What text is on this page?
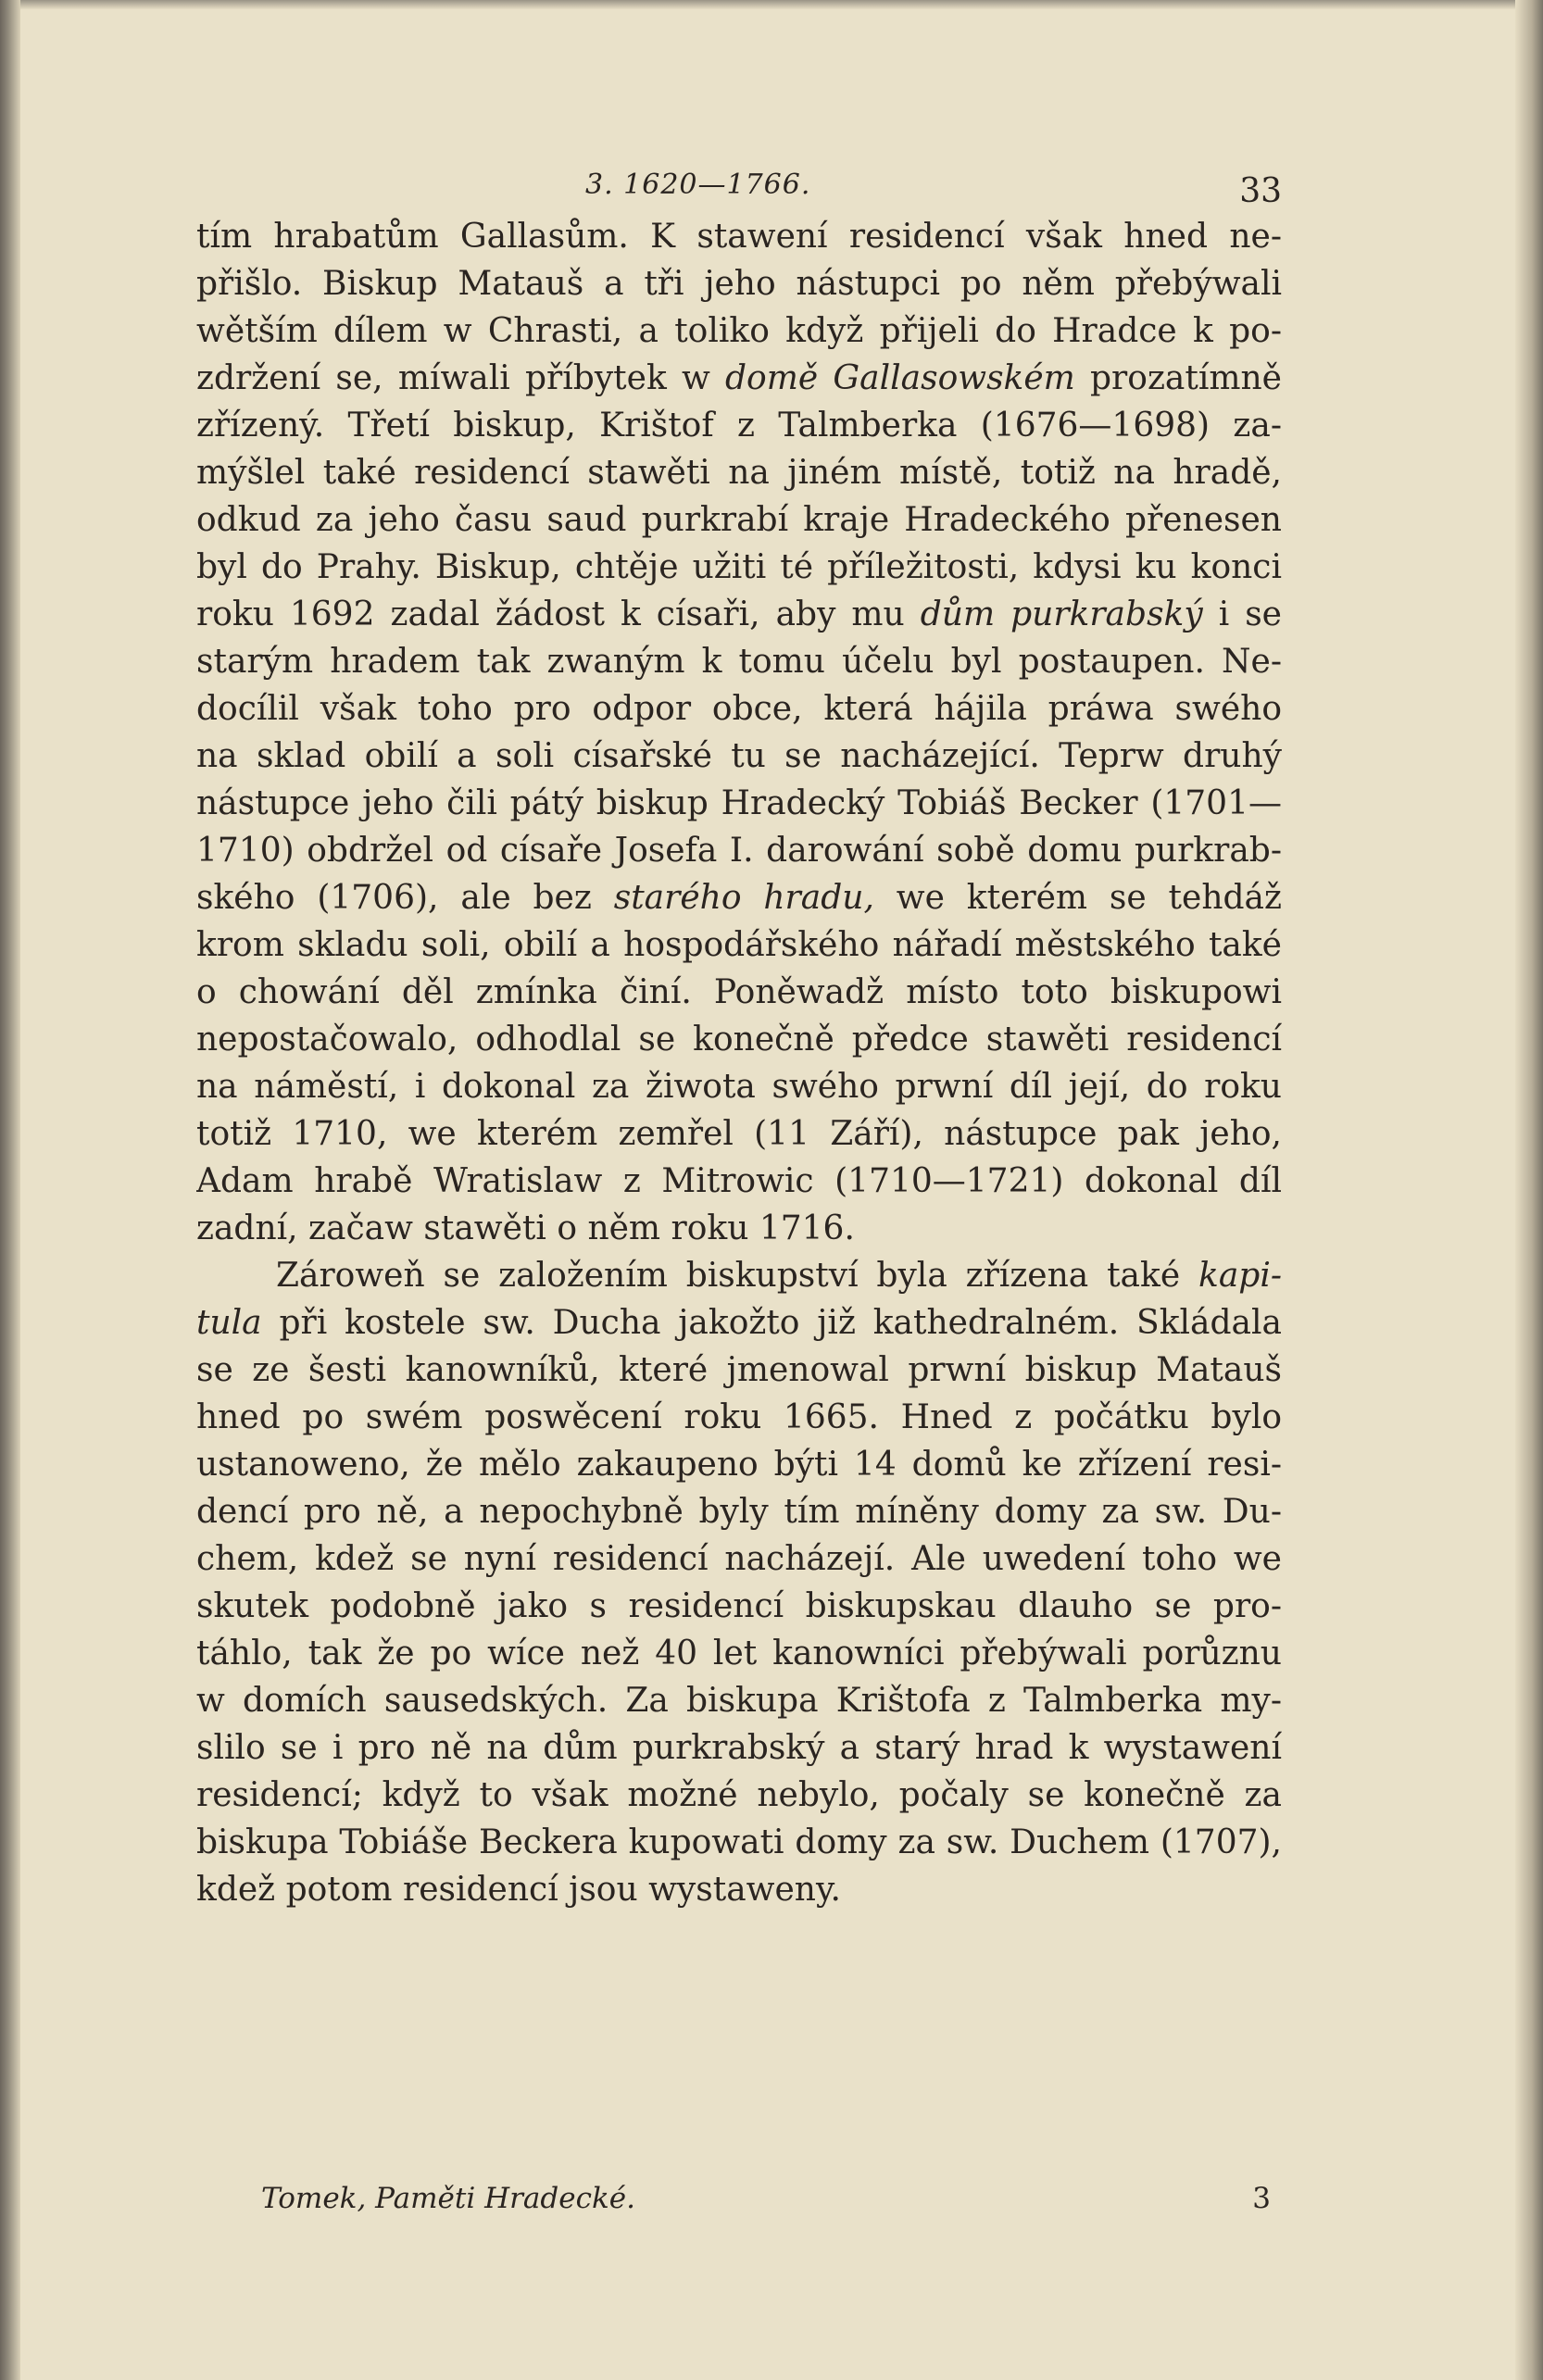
3. 1620—1766.	33
tím hrabatům Gallasům. K stawení residencí však hned ne-
přišlo. Biskup Matauš a tři jeho nástupci po něm přebýwali
wětším dílem w Chrasti, a toliko když přijeli do Hradce k po-
zdržení se, míwali příbytek w domě Gallasowském prozatímně
zřízený. Třetí biskup, Krištof z Talmberka (1676—1698) za-
mýšlel také residencí stawěti na jiném místě, totiž na hradě,
odkud za jeho času saud purkrabí kraje Hradeckého přenesen
byl do Prahy. Biskup, chtěje užiti té příležitosti, kdysi ku konci
roku 1692 zadal žádost k císaři, aby mu dům purkrabský i se
starým hradem tak zwaným k tomu účelu byl postaupen. Ne-
docílil však toho pro odpor obce, která hájila práwa swého
na sklad obilí a soli císařské tu se nacházející. Teprw druhý
nástupce jeho čili pátý biskup Hradecký Tobiáš Becker (1701—
1710) obdržel od císaře Josefa I. darowání sobě domu purkrab-
ského (1706), ale bez starého hradu, we kterém se tehdáž
krom skladu soli, obilí a hospodářského nářadí městského také
o chowání děl zmínka činí. Poněwadž místo toto biskupowi
nepostačowalo, odhodlal se konečně předce stawěti residencí
na náměstí, i dokonal za žiwota swého prwní díl její, do roku
totiž 1710, we kterém zemřel (11 Září), nástupce pak jeho,
Adam hrabě Wratislaw z Mitrowic (1710—1721) dokonal díl
zadní, začaw stawěti o něm roku 1716.
Zároweň se založením biskupství byla zřízena také kapi-
tula při kostele sw. Ducha jakožto již kathedralném. Skládala
se ze šesti kanowníků, které jmenowal prwní biskup Matauš
hned po swém poswěcení roku 1665. Hned z počátku bylo
ustanoweno, že mělo zakaupeno býti 14 domů ke zřízení resi-
dencí pro ně, a nepochybně byly tím míněny domy za sw. Du-
chem, kdež se nyní residencí nacházejí. Ale uwedení toho we
skutek podobně jako s residencí biskupskau dlauho se pro-
táhlo, tak že po wíce než 40 let kanowníci přebýwali porůznu
w domích sausedských. Za biskupa Krištofa z Talmberka my-
slilo se i pro ně na dům purkrabský a starý hrad k wystawení
residencí; když to však možné nebylo, počaly se konečně za
biskupa Tobiáše Beckera kupowati domy za sw. Duchem (1707),
kdež potom residencí jsou wystaweny.
Tomek, Paměti Hradecké.	3
